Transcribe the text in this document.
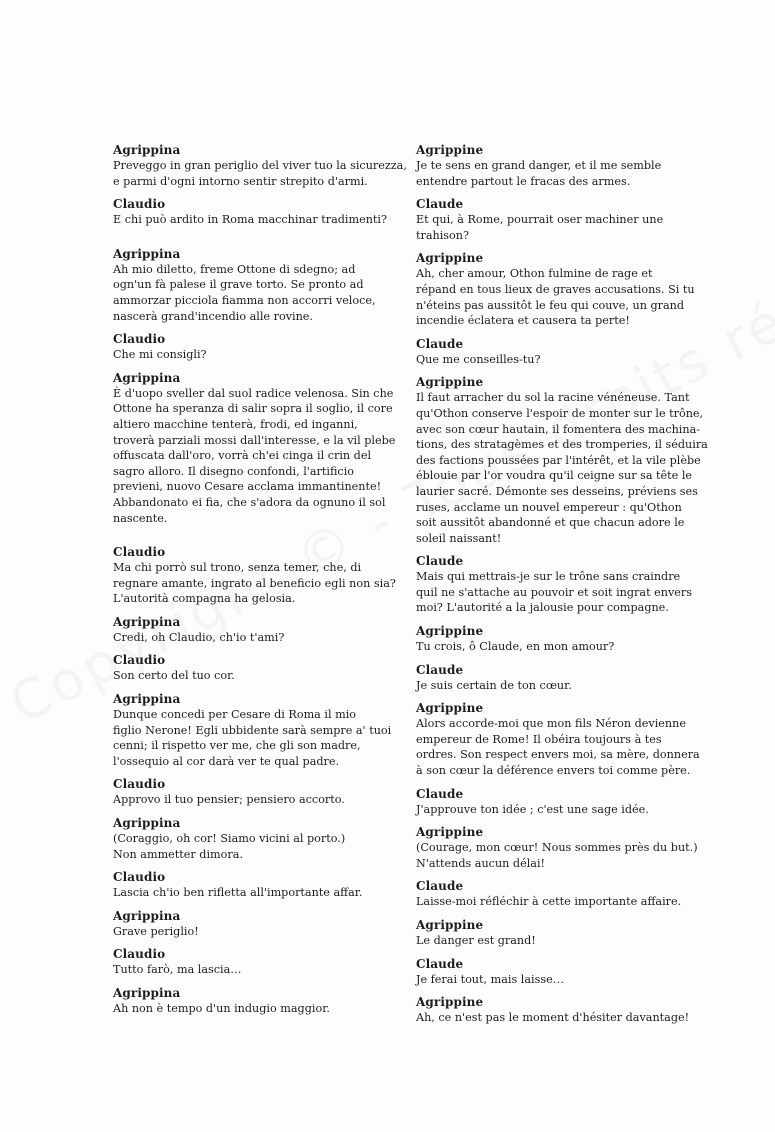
Agrippina
Preveggo in gran periglio del viver tuo la sicurezza,
e parmi d'ogni intorno sentir strepito d'armi.
Claudio
E chi può ardito in Roma macchinar tradimenti?
Agrippina
Ah mio diletto, freme Ottone di sdegno; ad
ogn'un fà palese il grave torto. Se pronto ad
ammorzar picciola fiamma non accorri veloce,
nascerà grand'incendio alle rovine.
Claudio
Che mi consigli?
Agrippina
È d'uopo sveller dal suol radice velenosa. Sin che
Ottone ha speranza di salir sopra il soglio, il core
altiero macchine tenterà, frodi, ed inganni,
troverà parziali mossi dall'interesse, e la vil plebe
offuscata dall'oro, vorrà ch'ei cinga il crin del
sagro alloro. Il disegno confondi, l'artificio
previeni, nuovo Cesare acclama immantinente!
Abbandonato ei fia, che s'adora da ognuno il sol
nascente.
Claudio
Ma chi porrò sul trono, senza temer, che, di
regnare amante, ingrato al beneficio egli non sia?
L'autorità compagna ha gelosia.
Agrippina
Credi, oh Claudio, ch'io t'ami?
Claudio
Son certo del tuo cor.
Agrippina
Dunque concedi per Cesare di Roma il mio
figlio Nerone! Egli ubbidente sarà sempre a' tuoi
cenni; il rispetto ver me, che gli son madre,
l'ossequio al cor darà ver te qual padre.
Claudio
Approvo il tuo pensier; pensiero accorto.
Agrippina
(Coraggio, oh cor! Siamo vicini al porto.)
Non ammetter dimora.
Claudio
Lascia ch'io ben rifletta all'importante affar.
Agrippina
Grave periglio!
Claudio
Tutto farò, ma lascia…
Agrippina
Ah non è tempo d'un indugio maggior.
Agrippine
Je te sens en grand danger, et il me semble
entendre partout le fracas des armes.
Claude
Et qui, à Rome, pourrait oser machiner une
trahison?
Agrippine
Ah, cher amour, Othon fulmine de rage et
répand en tous lieux de graves accusations. Si tu
n'éteins pas aussitôt le feu qui couve, un grand
incendie éclatera et causera ta perte!
Claude
Que me conseilles-tu?
Agrippine
Il faut arracher du sol la racine vénéneuse. Tant
qu'Othon conserve l'espoir de monter sur le trône,
avec son cœur hautain, il fomentera des machina-
tions, des stratagèmes et des tromperies, il séduira
des factions poussées par l'intérêt, et la vile plèbe
éblouie par l'or voudra qu'il ceigne sur sa tête le
laurier sacré. Démonte ses desseins, préviens ses
ruses, acclame un nouvel empereur : qu'Othon
soit aussitôt abandonné et que chacun adore le
soleil naissant!
Claude
Mais qui mettrais-je sur le trône sans craindre
quil ne s'attache au pouvoir et soit ingrat envers
moi? L'autorité a la jalousie pour compagne.
Agrippine
Tu crois, ô Claude, en mon amour?
Claude
Je suis certain de ton cœur.
Agrippine
Alors accorde-moi que mon fils Néron devienne
empereur de Rome! Il obéira toujours à tes
ordres. Son respect envers moi, sa mère, donnera
à son cœur la déférence envers toi comme père.
Claude
J'approuve ton idée ; c'est une sage idée.
Agrippine
(Courage, mon cœur! Nous sommes près du but.)
N'attends aucun délai!
Claude
Laisse-moi réfléchir à cette importante affaire.
Agrippine
Le danger est grand!
Claude
Je ferai tout, mais laisse…
Agrippine
Ah, ce n'est pas le moment d'hésiter davantage!
